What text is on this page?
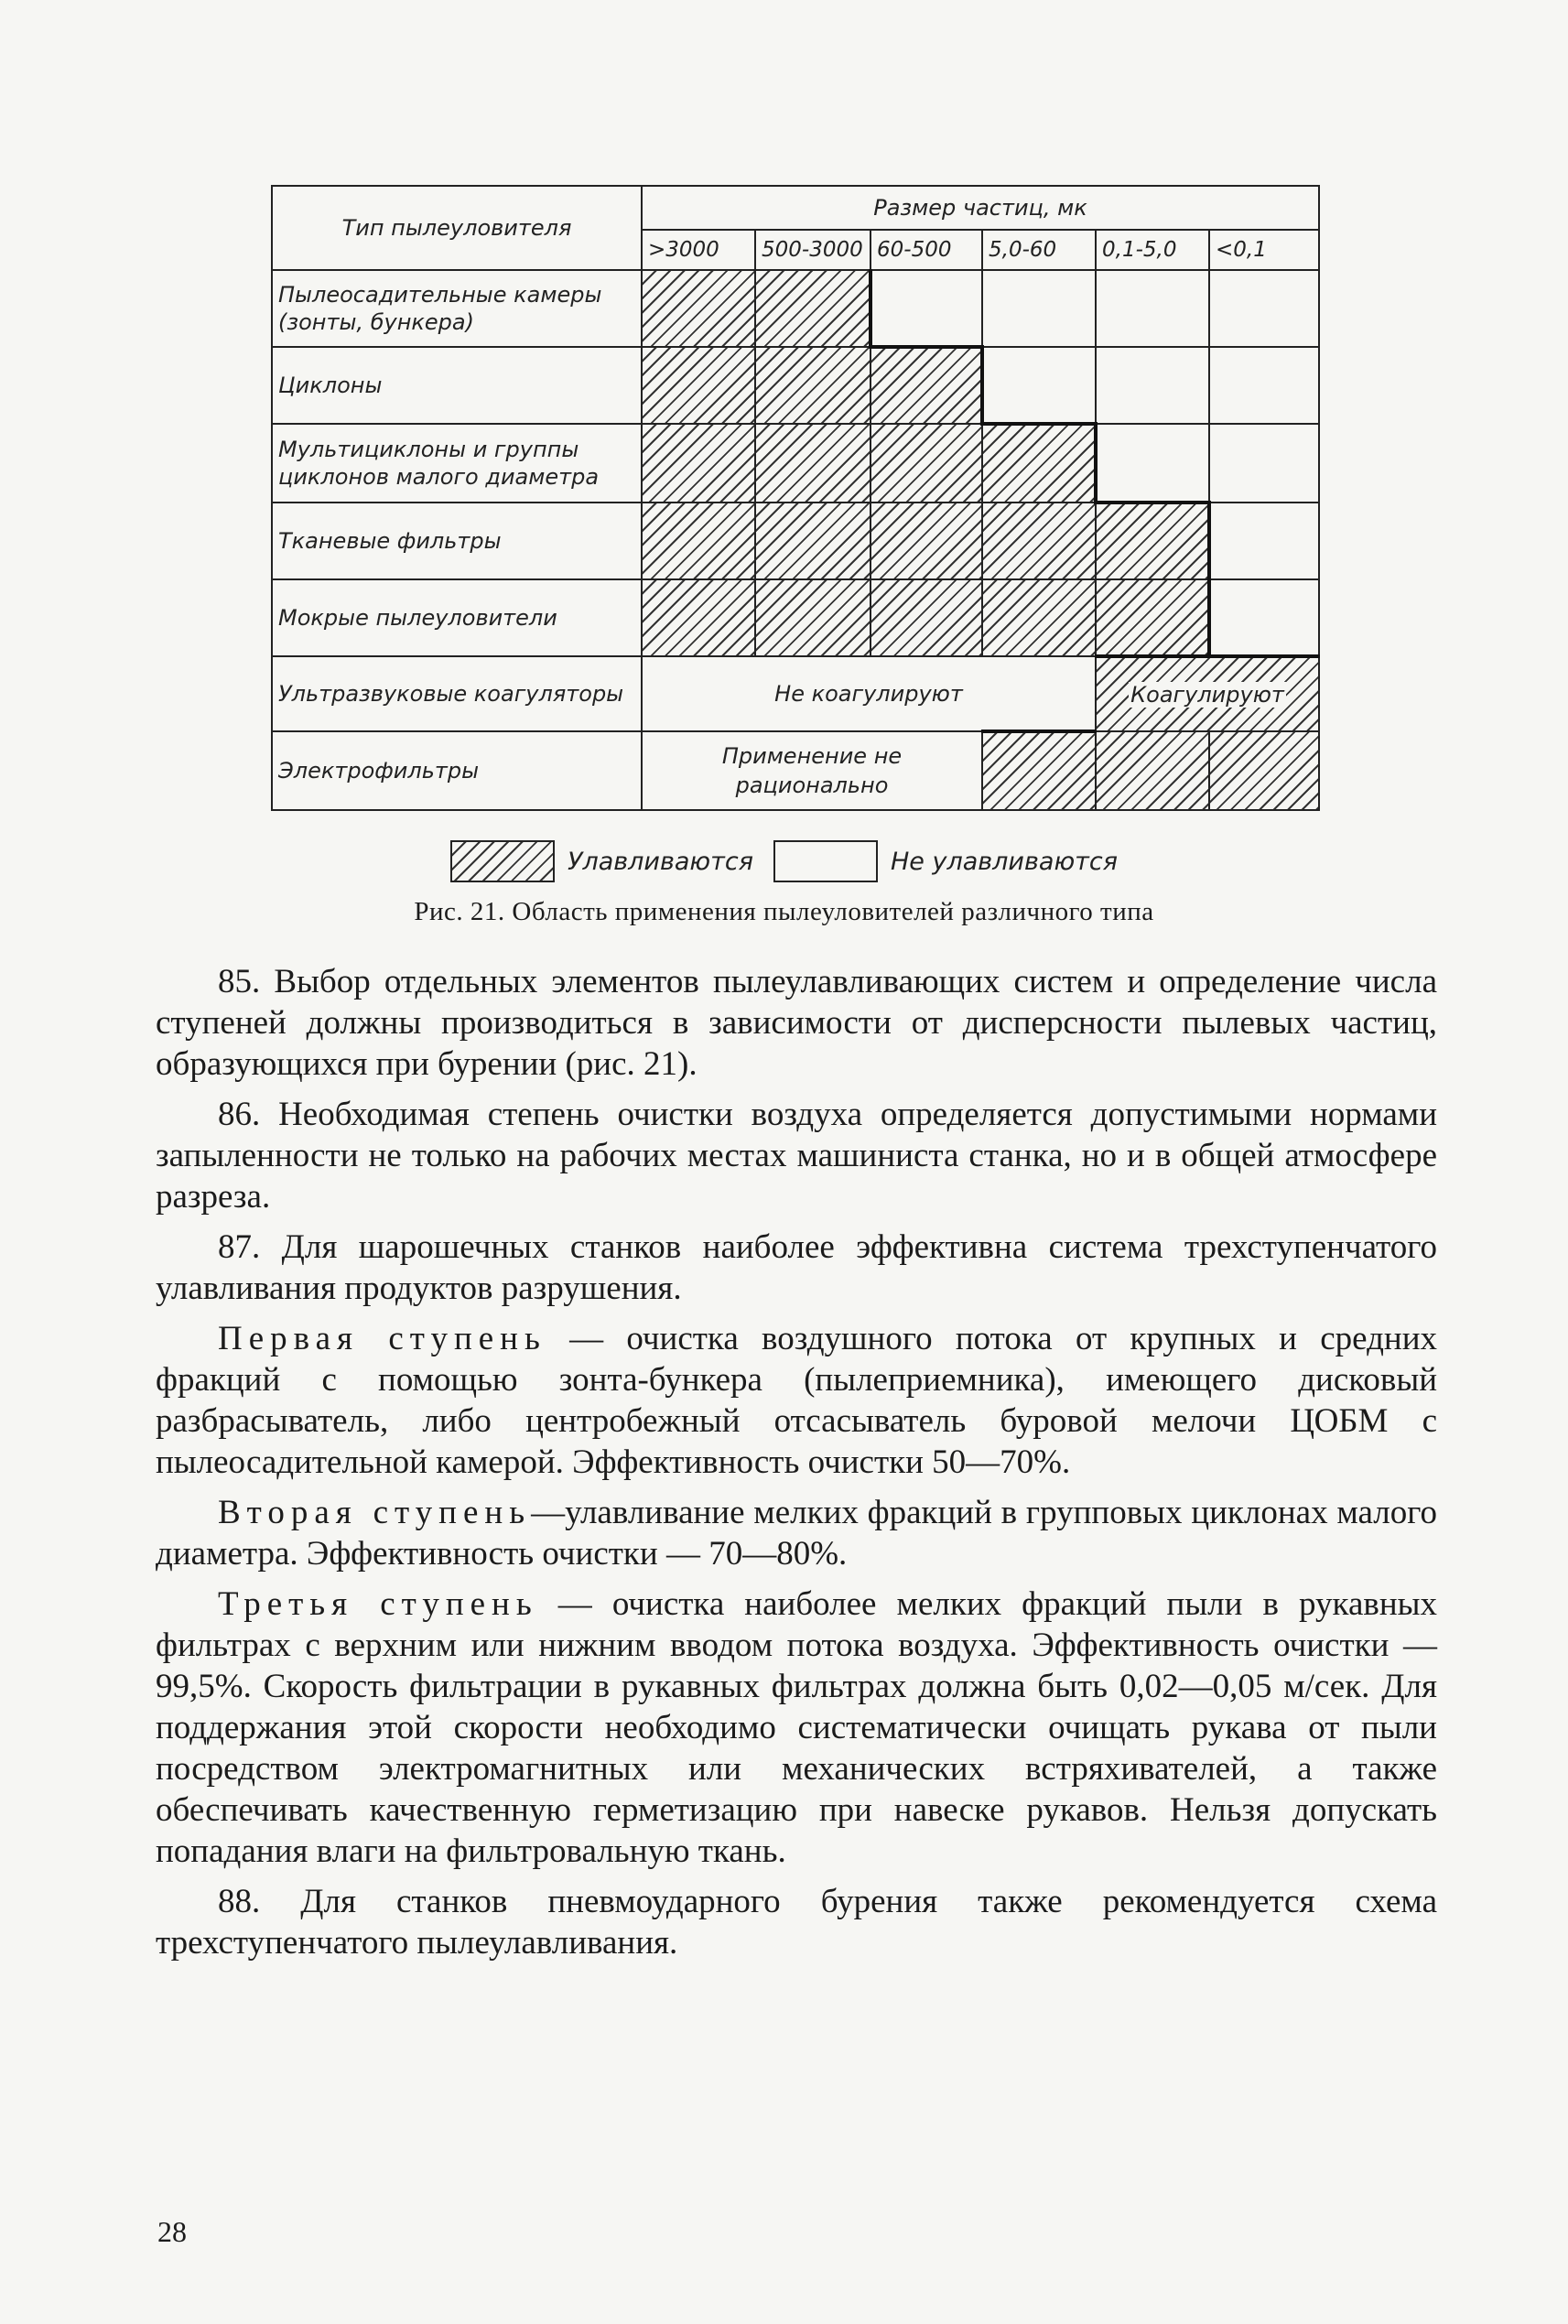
Тип пылеуловителя	Размер частиц, мк					
	>3000	500-3000	60-500	5,0-60	0,1-5,0	<0,1
Пылеосадительные камеры (зонты, бункера)						
Циклоны						
Мультициклоны и группы циклонов малого диаметра						
Тканевые фильтры						
Мокрые пылеуловители						
Ультразвуковые коагуляторы	Не коагулируют				Коагулируют	
Электрофильтры	Применение не рационально					
Улавливаются	Не улавливаются
Рис. 21. Область применения пылеуловителей различного типа

85. Выбор отдельных элементов пылеулавливающих систем и определение числа ступеней должны производиться в зависимости от дисперсности пылевых частиц, образующихся при бурении (рис. 21).

86. Необходимая степень очистки воздуха определяется допустимыми нормами запыленности не только на рабочих местах машиниста станка, но и в общей атмосфере разреза.

87. Для шарошечных станков наиболее эффективна система трехступенчатого улавливания продуктов разрушения.

Первая ступень — очистка воздушного потока от крупных и средних фракций с помощью зонта-бункера (пылеприемника), имеющего дисковый разбрасыватель, либо центробежный отсасыватель буровой мелочи ЦОБМ с пылеосадительной камерой. Эффективность очистки 50—70%.

Вторая ступень—улавливание мелких фракций в групповых циклонах малого диаметра. Эффективность очистки — 70—80%.

Третья ступень — очистка наиболее мелких фракций пыли в рукавных фильтрах с верхним или нижним вводом потока воздуха. Эффективность очистки — 99,5%. Скорость фильтрации в рукавных фильтрах должна быть 0,02—0,05 м/сек. Для поддержания этой скорости необходимо систематически очищать рукава от пыли посредством электромагнитных или механических встряхивателей, а также обеспечивать качественную герметизацию при навеске рукавов. Нельзя допускать попадания влаги на фильтровальную ткань.

88. Для станков пневмоударного бурения также рекомендуется схема трехступенчатого пылеулавливания.

28
